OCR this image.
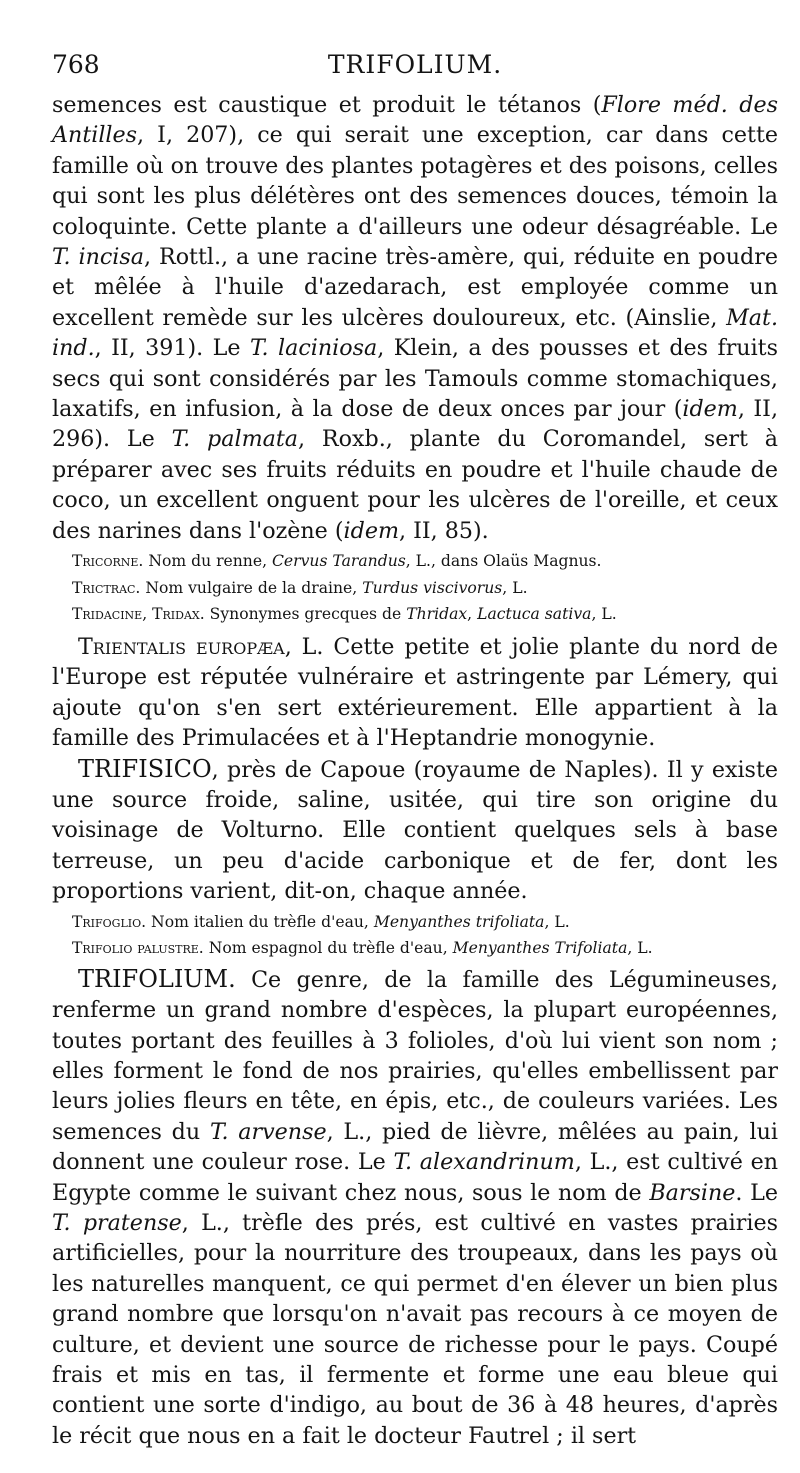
768	TRIFOLIUM.

semences est caustique et produit le tétanos (Flore méd. des Antilles, I, 207), ce qui serait une exception, car dans cette famille où on trouve des plantes potagères et des poisons, celles qui sont les plus délétères ont des semences douces, témoin la coloquinte. Cette plante a d'ailleurs une odeur désagréable. Le T. incisa, Rottl., a une racine très-amère, qui, réduite en poudre et mêlée à l'huile d'azedarach, est employée comme un excellent remède sur les ulcères douloureux, etc. (Ainslie, Mat. ind., II, 391). Le T. laciniosa, Klein, a des pousses et des fruits secs qui sont considérés par les Tamouls comme stomachiques, laxatifs, en infusion, à la dose de deux onces par jour (idem, II, 296). Le T. palmata, Roxb., plante du Coromandel, sert à préparer avec ses fruits réduits en poudre et l'huile chaude de coco, un excellent onguent pour les ulcères de l'oreille, et ceux des narines dans l'ozène (idem, II, 85).

Tricorne. Nom du renne, Cervus Tarandus, L., dans Olaüs Magnus.
Trictrac. Nom vulgaire de la draine, Turdus viscivorus, L.
Tridacine, Tridax. Synonymes grecques de Thridax, Lactuca sativa, L.

Trientalis europæa, L. Cette petite et jolie plante du nord de l'Europe est réputée vulnéraire et astringente par Lémery, qui ajoute qu'on s'en sert extérieurement. Elle appartient à la famille des Primulacées et à l'Heptandrie monogynie.

TRIFISICO, près de Capoue (royaume de Naples). Il y existe une source froide, saline, usitée, qui tire son origine du voisinage de Volturno. Elle contient quelques sels à base terreuse, un peu d'acide carbonique et de fer, dont les proportions varient, dit-on, chaque année.

Trifoglio. Nom italien du trèfle d'eau, Menyanthes trifoliata, L.
Trifolio palustre. Nom espagnol du trèfle d'eau, Menyanthes Trifoliata, L.

TRIFOLIUM. Ce genre, de la famille des Légumineuses, renferme un grand nombre d'espèces, la plupart européennes, toutes portant des feuilles à 3 folioles, d'où lui vient son nom ; elles forment le fond de nos prairies, qu'elles embellissent par leurs jolies fleurs en tête, en épis, etc., de couleurs variées. Les semences du T. arvense, L., pied de lièvre, mêlées au pain, lui donnent une couleur rose. Le T. alexandrinum, L., est cultivé en Egypte comme le suivant chez nous, sous le nom de Barsine. Le T. pratense, L., trèfle des prés, est cultivé en vastes prairies artificielles, pour la nourriture des troupeaux, dans les pays où les naturelles manquent, ce qui permet d'en élever un bien plus grand nombre que lorsqu'on n'avait pas recours à ce moyen de culture, et devient une source de richesse pour le pays. Coupé frais et mis en tas, il fermente et forme une eau bleue qui contient une sorte d'indigo, au bout de 36 à 48 heures, d'après le récit que nous en a fait le docteur Fautrel ; il sert
